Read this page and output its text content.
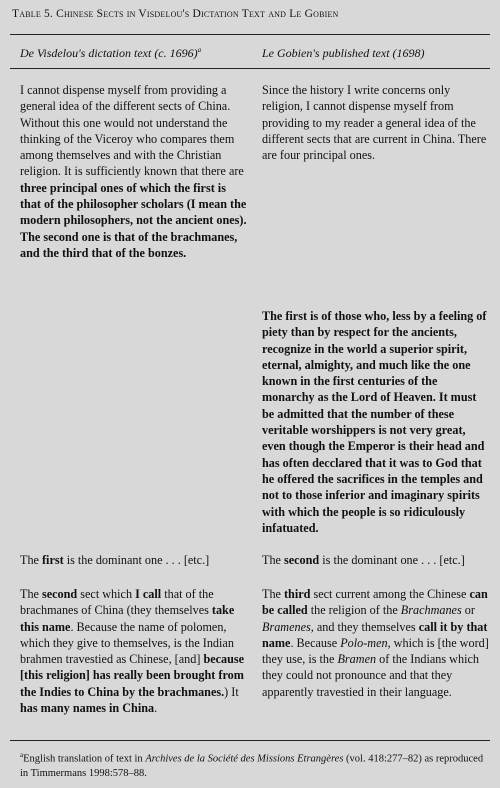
Table 5. Chinese Sects in Visdelou's Dictation Text and Le Gobien
De Visdelou's dictation text (c. 1696)$^a$	Le Gobien's published text (1698)

I cannot dispense myself from providing a general idea of the different sects of China. Without this one would not understand the thinking of the Viceroy who compares them among themselves and with the Christian religion. It is sufficiently known that there are three principal ones of which the first is that of the philosopher scholars (I mean the modern philosophers, not the ancient ones). The second one is that of the brachmanes, and the third that of the bonzes.

The first is the dominant one . . . [etc.]

The second sect which I call that of the brachmanes of China (they themselves take this name. Because the name of polomen, which they give to themselves, is the Indian brahmen travestied as Chinese, [and] because [this religion] has really been brought from the Indies to China by the brachmanes.) It has many names in China.

Since the history I write concerns only religion, I cannot dispense myself from providing to my reader a general idea of the different sects that are current in China. There are four principal ones.

The first is of those who, less by a feeling of piety than by respect for the ancients, recognize in the world a superior spirit, eternal, almighty, and much like the one known in the first centuries of the monarchy as the Lord of Heaven. It must be admitted that the number of these veritable worshippers is not very great, even though the Emperor is their head and has often decclared that it was to God that he offered the sacrifices in the temples and not to those inferior and imaginary spirits with which the people is so ridiculously infatuated.

The second is the dominant one . . . [etc.]

The third sect current among the Chinese can be called the religion of the Brachmanes or Bramenes, and they themselves call it by that name. Because Polo-men, which is [the word] they use, is the Bramen of the Indians which they could not pronounce and that they apparently travestied in their language.

$^a$English translation of text in Archives de la Société des Missions Etrangères (vol. 418:277–82) as reproduced in Timmermans 1998:578–88.
